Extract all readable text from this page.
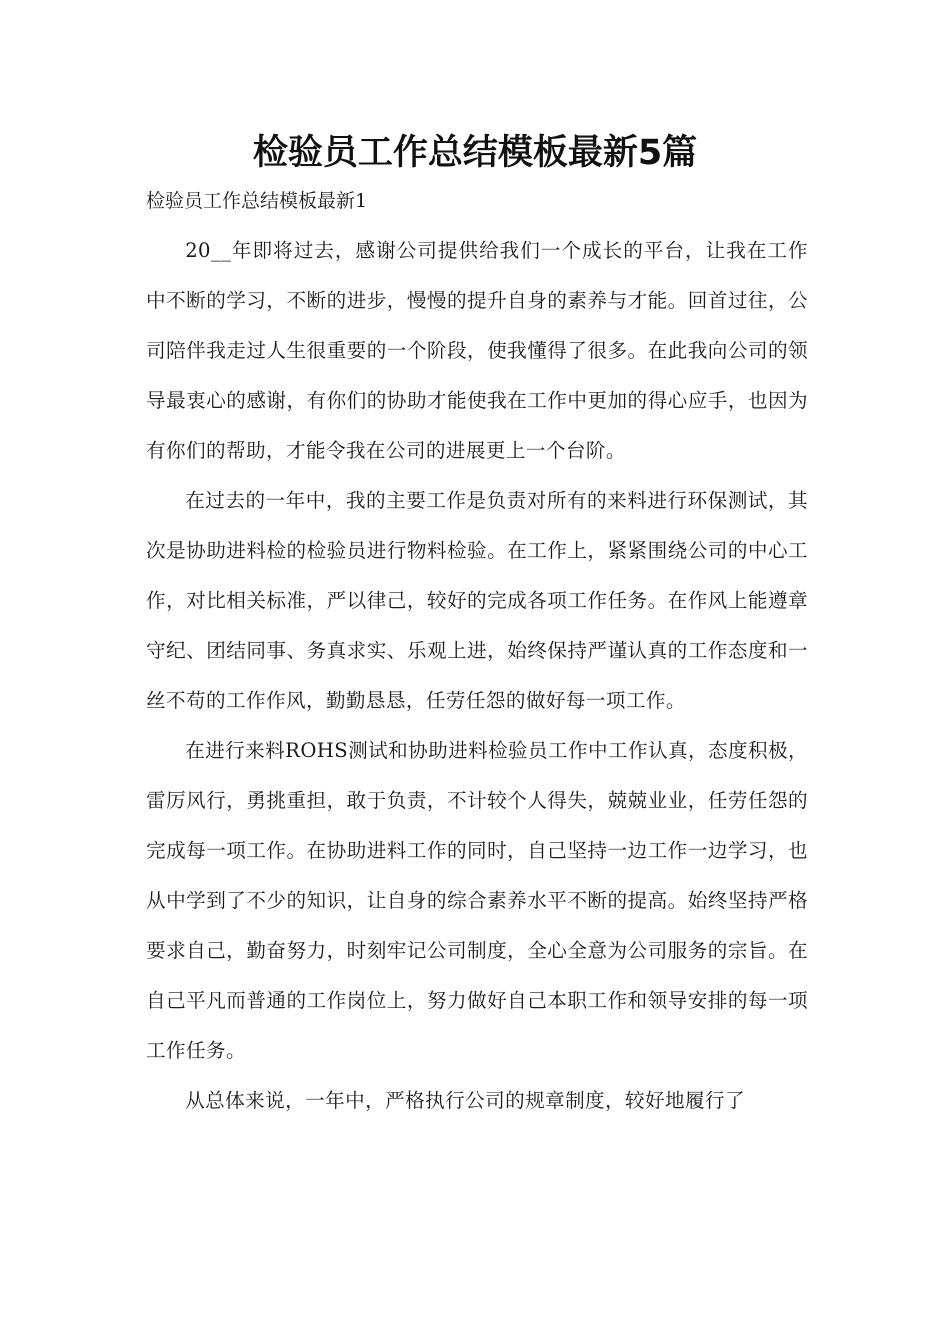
检验员工作总结模板最新5篇

检验员工作总结模板最新1

20__年即将过去，感谢公司提供给我们一个成长的平台，让我在工作中不断的学习，不断的进步，慢慢的提升自身的素养与才能。回首过往，公司陪伴我走过人生很重要的一个阶段，使我懂得了很多。在此我向公司的领导最衷心的感谢，有你们的协助才能使我在工作中更加的得心应手，也因为有你们的帮助，才能令我在公司的进展更上一个台阶。

在过去的一年中，我的主要工作是负责对所有的来料进行环保测试，其次是协助进料检的检验员进行物料检验。在工作上，紧紧围绕公司的中心工作，对比相关标准，严以律己，较好的完成各项工作任务。在作风上能遵章守纪、团结同事、务真求实、乐观上进，始终保持严谨认真的工作态度和一丝不苟的工作作风，勤勤恳恳，任劳任怨的做好每一项工作。

在进行来料ROHS测试和协助进料检验员工作中工作认真，态度积极，雷厉风行，勇挑重担，敢于负责，不计较个人得失，兢兢业业，任劳任怨的完成每一项工作。在协助进料工作的同时，自己坚持一边工作一边学习，也从中学到了不少的知识，让自身的综合素养水平不断的提高。始终坚持严格要求自己，勤奋努力，时刻牢记公司制度，全心全意为公司服务的宗旨。在自己平凡而普通的工作岗位上，努力做好自己本职工作和领导安排的每一项工作任务。

从总体来说，一年中，严格执行公司的规章制度，较好地履行了
